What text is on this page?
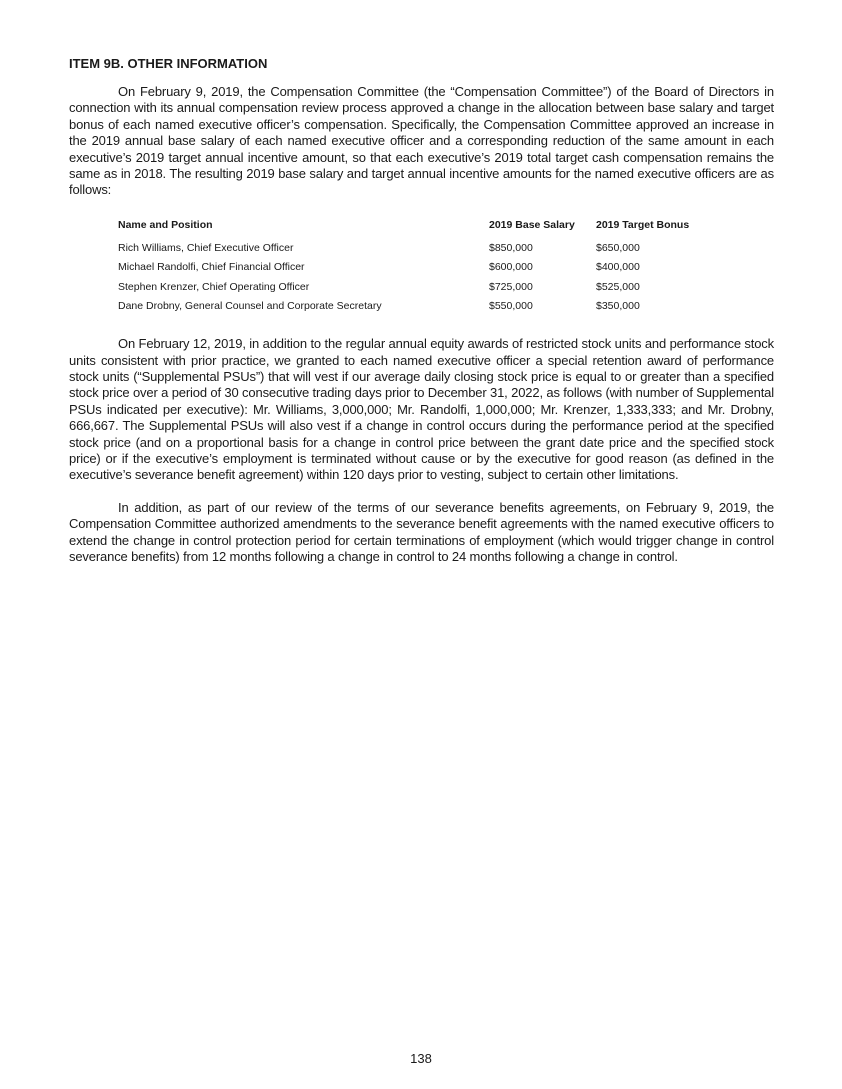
ITEM 9B. OTHER INFORMATION

On February 9, 2019, the Compensation Committee (the “Compensation Committee”) of the Board of Directors in connection with its annual compensation review process approved a change in the allocation between base salary and target bonus of each named executive officer’s compensation. Specifically, the Compensation Committee approved an increase in the 2019 annual base salary of each named executive officer and a corresponding reduction of the same amount in each executive’s 2019 target annual incentive amount, so that each executive’s 2019 total target cash compensation remains the same as in 2018. The resulting 2019 base salary and target annual incentive amounts for the named executive officers are as follows:

Name and Position	2019 Base Salary	2019 Target Bonus
Rich Williams, Chief Executive Officer	$850,000	$650,000
Michael Randolfi, Chief Financial Officer	$600,000	$400,000
Stephen Krenzer, Chief Operating Officer	$725,000	$525,000
Dane Drobny, General Counsel and Corporate Secretary	$550,000	$350,000

On February 12, 2019, in addition to the regular annual equity awards of restricted stock units and performance stock units consistent with prior practice, we granted to each named executive officer a special retention award of performance stock units (“Supplemental PSUs”) that will vest if our average daily closing stock price is equal to or greater than a specified stock price over a period of 30 consecutive trading days prior to December 31, 2022, as follows (with number of Supplemental PSUs indicated per executive): Mr. Williams, 3,000,000; Mr. Randolfi, 1,000,000; Mr. Krenzer, 1,333,333; and Mr. Drobny, 666,667. The Supplemental PSUs will also vest if a change in control occurs during the performance period at the specified stock price (and on a proportional basis for a change in control price between the grant date price and the specified stock price) or if the executive’s employment is terminated without cause or by the executive for good reason (as defined in the executive’s severance benefit agreement) within 120 days prior to vesting, subject to certain other limitations.

In addition, as part of our review of the terms of our severance benefits agreements, on February 9, 2019, the Compensation Committee authorized amendments to the severance benefit agreements with the named executive officers to extend the change in control protection period for certain terminations of employment (which would trigger change in control severance benefits) from 12 months following a change in control to 24 months following a change in control.

138
